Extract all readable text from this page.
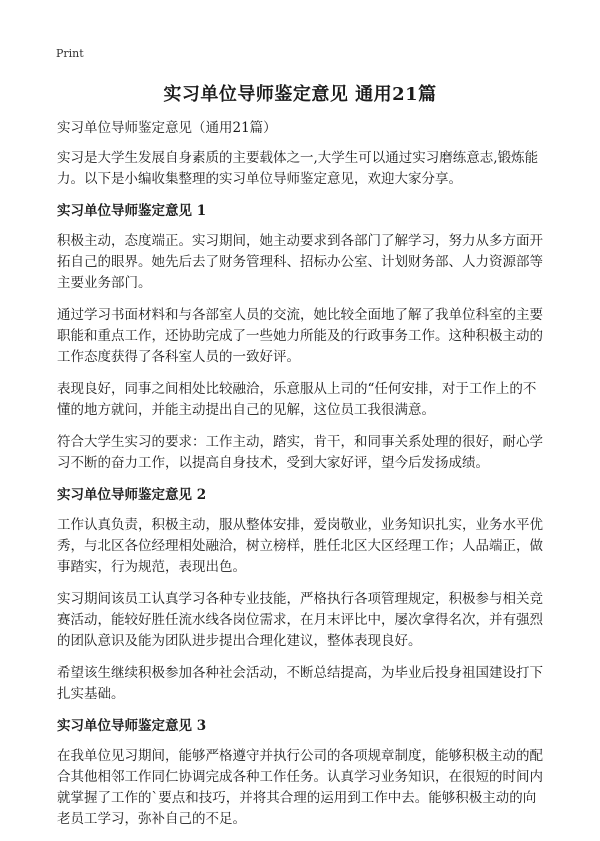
Print
实习单位导师鉴定意见 通用21篇

实习单位导师鉴定意见（通用21篇）

实习是大学生发展自身素质的主要载体之一,大学生可以通过实习磨练意志,锻炼能力。以下是小编收集整理的实习单位导师鉴定意见，欢迎大家分享。

实习单位导师鉴定意见 1

积极主动，态度端正。实习期间，她主动要求到各部门了解学习，努力从多方面开拓自己的眼界。她先后去了财务管理科、招标办公室、计划财务部、人力资源部等主要业务部门。

通过学习书面材料和与各部室人员的交流，她比较全面地了解了我单位科室的主要职能和重点工作，还协助完成了一些她力所能及的行政事务工作。这种积极主动的工作态度获得了各科室人员的一致好评。

表现良好，同事之间相处比较融洽，乐意服从上司的“任何安排，对于工作上的不懂的地方就问，并能主动提出自己的见解，这位员工我很满意。

符合大学生实习的要求：工作主动，踏实，肯干，和同事关系处理的很好，耐心学习不断的奋力工作，以提高自身技术，受到大家好评，望今后发扬成绩。

实习单位导师鉴定意见 2

工作认真负责，积极主动，服从整体安排，爱岗敬业，业务知识扎实，业务水平优秀，与北区各位经理相处融洽，树立榜样，胜任北区大区经理工作；人品端正，做事踏实，行为规范，表现出色。

实习期间该员工认真学习各种专业技能，严格执行各项管理规定，积极参与相关竞赛活动，能较好胜任流水线各岗位需求，在月末评比中，屡次拿得名次，并有强烈的团队意识及能为团队进步提出合理化建议，整体表现良好。

希望该生继续积极参加各种社会活动，不断总结提高，为毕业后投身祖国建设打下扎实基础。

实习单位导师鉴定意见 3

在我单位见习期间，能够严格遵守并执行公司的各项规章制度，能够积极主动的配合其他相邻工作同仁协调完成各种工作任务。认真学习业务知识，在很短的时间内就掌握了工作的`要点和技巧，并将其合理的运用到工作中去。能够积极主动的向老员工学习，弥补自己的不足。
